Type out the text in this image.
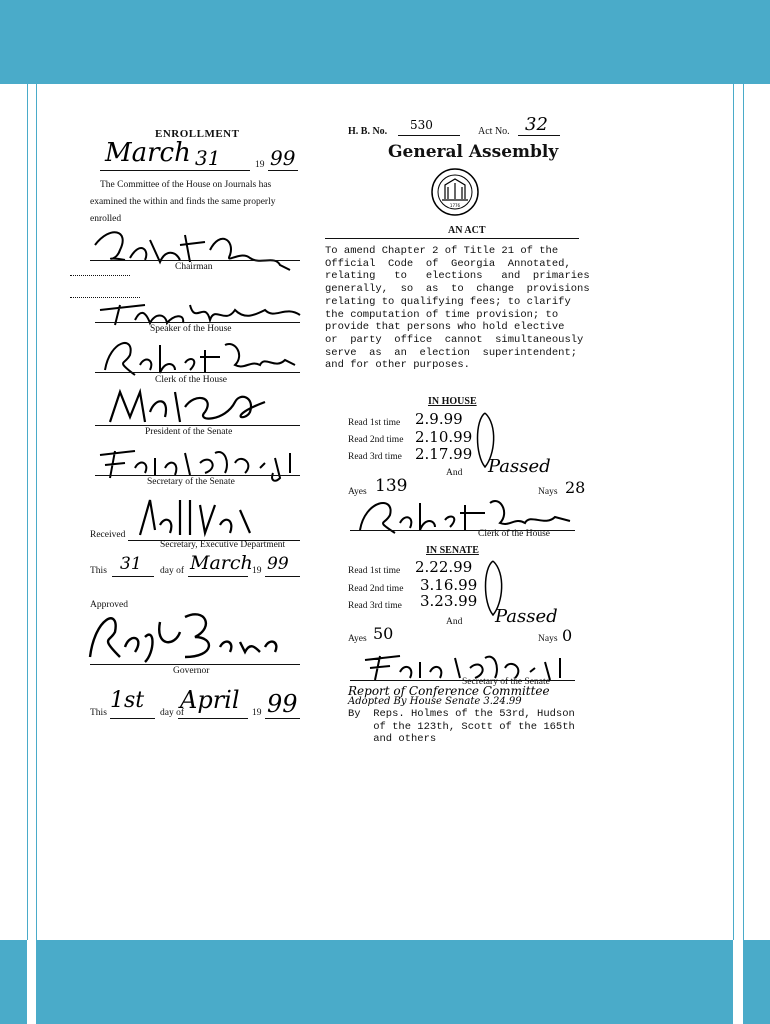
ENROLLMENT
March 31	19 99
The Committee of the House on Journals has
examined the within and finds the same properly
enrolled
Chairman
Speaker of the House
Clerk of the House
President of the Senate
Secretary of the Senate
Received
Secretary, Executive Department
This 31 day of March 19 99
Approved
Governor
This 1st day of
April 19 99
H. B. No. 530	Act No. 32
General Assembly
1776
AN ACT
To amend Chapter 2 of Title 21 of the
Official  Code  of  Georgia  Annotated,
relating   to   elections   and  primaries
generally,  so  as  to  change  provisions
relating to qualifying fees; to clarify
the computation of time provision; to
provide that persons who hold elective
or  party  office  cannot  simultaneously
serve  as  an  election  superintendent;
and for other purposes.
IN HOUSE
Read 1st time 2.9.99
Read 2nd time 2.10.99
Read 3rd time 2.17.99
And Passed
Ayes 139	Nays 28
Clerk of the House
IN SENATE
Read 1st time 2.22.99
Read 2nd time 3.16.99
Read 3rd time 3.23.99
And Passed
Ayes 50	Nays 0
Secretary of the Senate
Report of Conference Committee
Adopted By House Senate 3.24.99
By  Reps. Holmes of the 53rd, Hudson
of the 123th, Scott of the 165th
and others
